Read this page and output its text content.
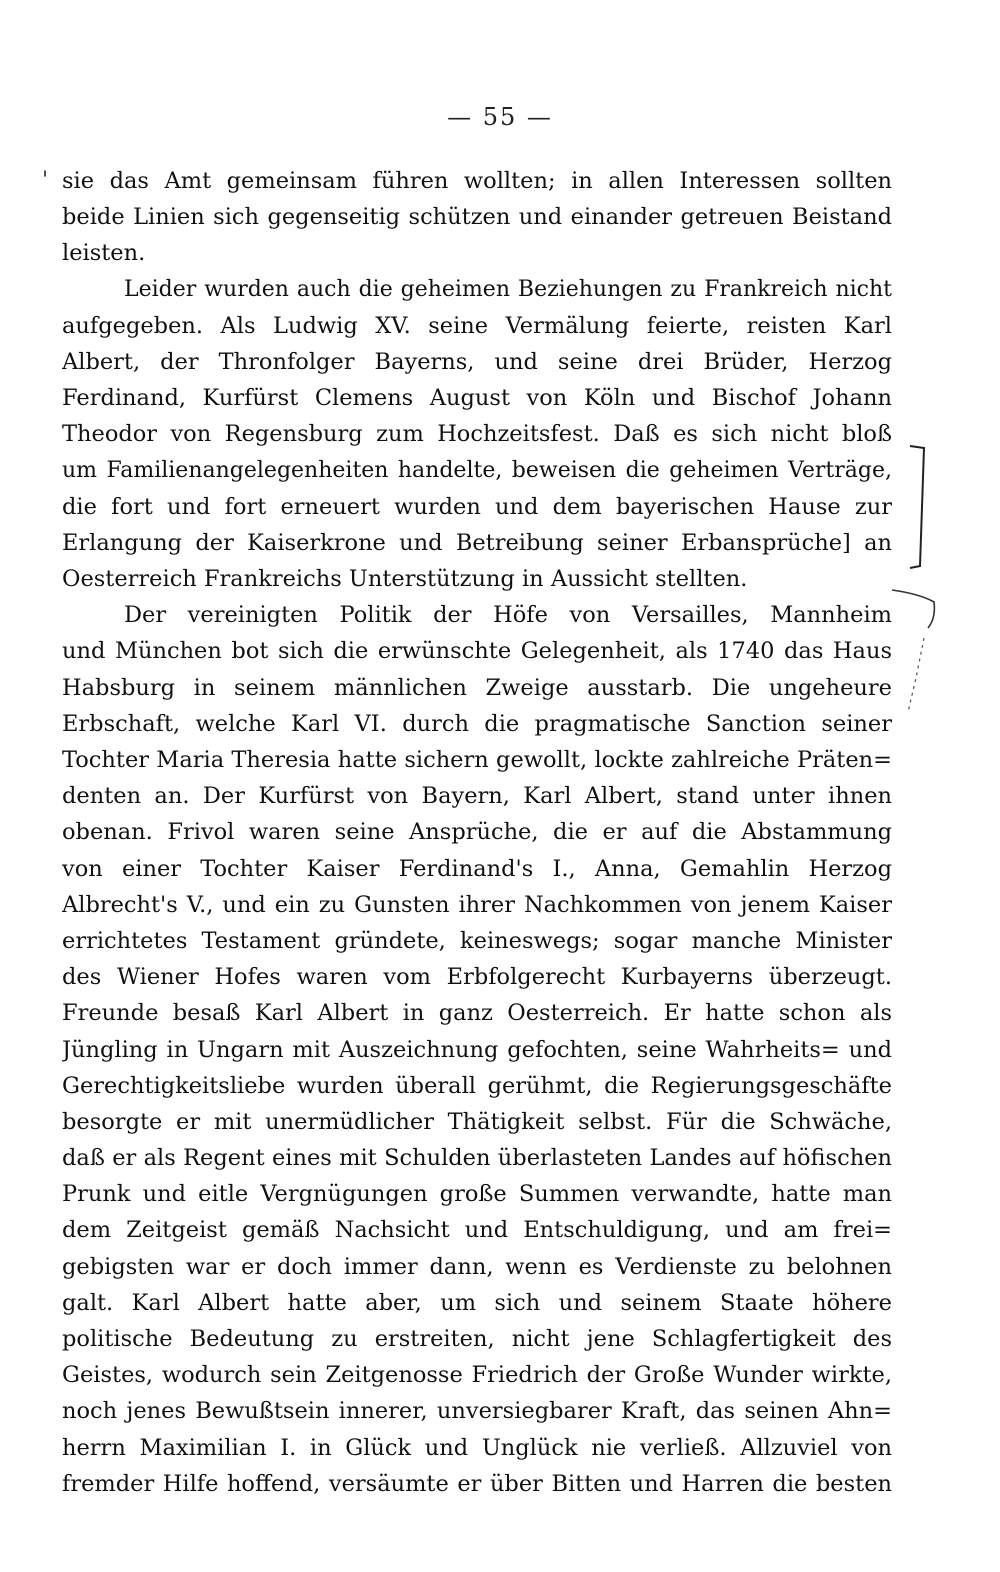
— 55 —
' sie das Amt gemeinsam führen wollten; in allen Interessen sollten
beide Linien sich gegenseitig schützen und einander getreuen Beistand
leisten.
Leider wurden auch die geheimen Beziehungen zu Frankreich nicht
aufgegeben. Als Ludwig XV. seine Vermälung feierte, reisten Karl
Albert, der Thronfolger Bayerns, und seine drei Brüder, Herzog
Ferdinand, Kurfürst Clemens August von Köln und Bischof Johann
Theodor von Regensburg zum Hochzeitsfest. Daß es sich nicht bloß
um Familienangelegenheiten handelte, beweisen die geheimen Verträge,
die fort und fort erneuert wurden und dem bayerischen Hause zur
Erlangung der Kaiserkrone und Betreibung seiner Erbansprüche] an
Oesterreich Frankreichs Unterstützung in Aussicht stellten.
Der vereinigten Politik der Höfe von Versailles, Mannheim
und München bot sich die erwünschte Gelegenheit, als 1740 das Haus
Habsburg in seinem männlichen Zweige ausstarb. Die ungeheure
Erbschaft, welche Karl VI. durch die pragmatische Sanction seiner
Tochter Maria Theresia hatte sichern gewollt, lockte zahlreiche Präten=
denten an. Der Kurfürst von Bayern, Karl Albert, stand unter ihnen
obenan. Frivol waren seine Ansprüche, die er auf die Abstammung
von einer Tochter Kaiser Ferdinand's I., Anna, Gemahlin Herzog
Albrecht's V., und ein zu Gunsten ihrer Nachkommen von jenem Kaiser
errichtetes Testament gründete, keineswegs; sogar manche Minister
des Wiener Hofes waren vom Erbfolgerecht Kurbayerns überzeugt.
Freunde besaß Karl Albert in ganz Oesterreich. Er hatte schon als
Jüngling in Ungarn mit Auszeichnung gefochten, seine Wahrheits= und
Gerechtigkeitsliebe wurden überall gerühmt, die Regierungsgeschäfte
besorgte er mit unermüdlicher Thätigkeit selbst. Für die Schwäche,
daß er als Regent eines mit Schulden überlasteten Landes auf höfischen
Prunk und eitle Vergnügungen große Summen verwandte, hatte man
dem Zeitgeist gemäß Nachsicht und Entschuldigung, und am frei=
gebigsten war er doch immer dann, wenn es Verdienste zu belohnen
galt. Karl Albert hatte aber, um sich und seinem Staate höhere
politische Bedeutung zu erstreiten, nicht jene Schlagfertigkeit des
Geistes, wodurch sein Zeitgenosse Friedrich der Große Wunder wirkte,
noch jenes Bewußtsein innerer, unversiegbarer Kraft, das seinen Ahn=
herrn Maximilian I. in Glück und Unglück nie verließ. Allzuviel von
fremder Hilfe hoffend, versäumte er über Bitten und Harren die besten
